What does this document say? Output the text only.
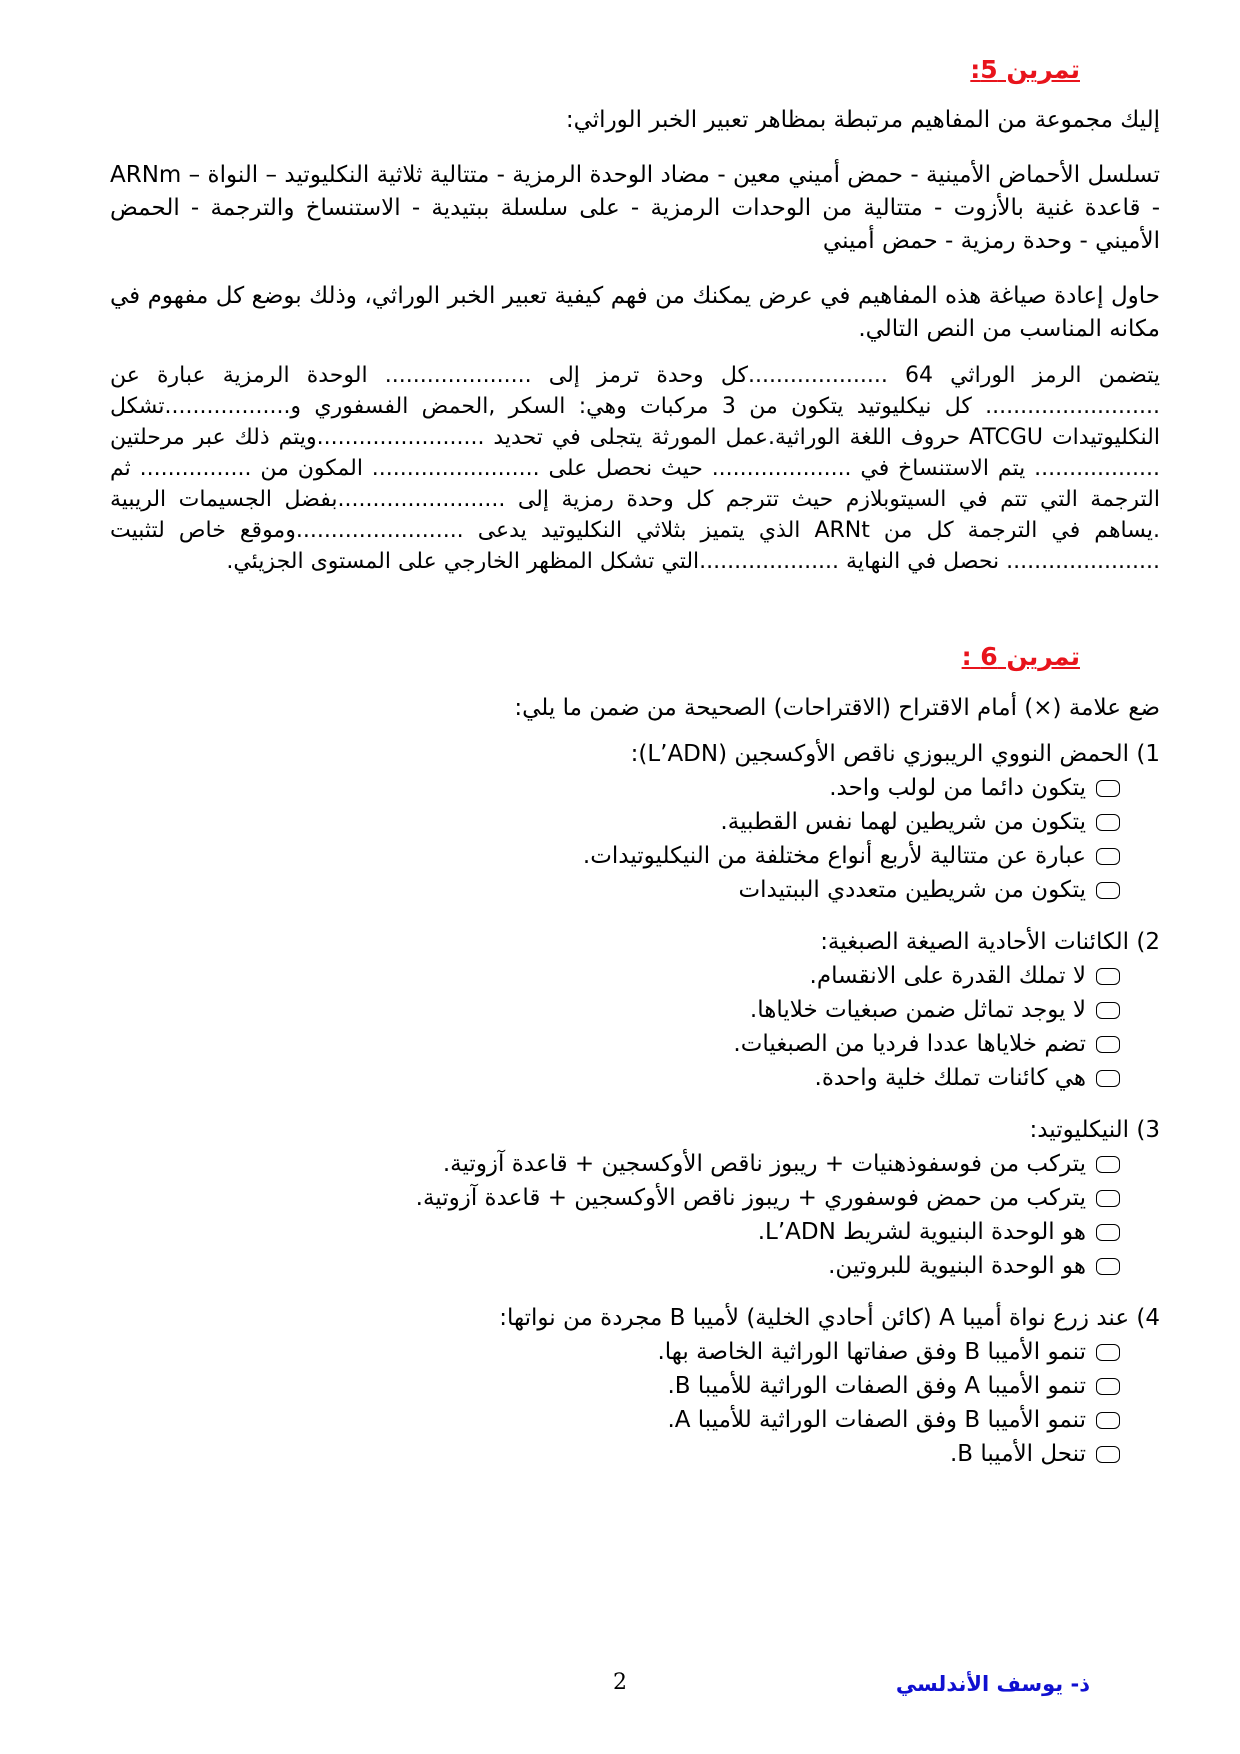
تمرين 5:

إليك مجموعة من المفاهيم مرتبطة بمظاهر تعبير الخبر الوراثي:

تسلسل الأحماض الأمينية - حمض أميني معين - مضاد الوحدة الرمزية - متتالية ثلاثية النكليوتيد – النواة – ARNm - قاعدة غنية بالأزوت - متتالية من الوحدات الرمزية - على سلسلة ببتيدية - الاستنساخ والترجمة - الحمض الأميني - وحدة رمزية - حمض أميني

حاول إعادة صياغة هذه المفاهيم في عرض يمكنك من فهم كيفية تعبير الخبر الوراثي، وذلك بوضع كل مفهوم في مكانه المناسب من النص التالي.

يتضمن الرمز الوراثي 64 ....................كل وحدة ترمز إلى ..................... الوحدة الرمزية عبارة عن ......................... كل نيكليوتيد يتكون من 3 مركبات وهي: السكر ,الحمض الفسفوري و..................تشكل النكليوتيدات ATCGU حروف اللغة الوراثية.عمل المورثة يتجلى في تحديد ........................ويتم ذلك عبر مرحلتين .................. يتم الاستنساخ في .................... حيث نحصل على ........................ المكون من ................ ثم الترجمة التي تتم في السيتوبلازم حيث تترجم كل وحدة رمزية إلى ........................بفضل الجسيمات الريبية .يساهم في الترجمة كل من ARNt الذي يتميز بثلاثي النكليوتيد يدعى ........................وموقع خاص لتثبيت ...................... نحصل في النهاية ....................التي تشكل المظهر الخارجي على المستوى الجزيئي.

تمرين 6 :

ضع علامة (×) أمام الاقتراح (الاقتراحات) الصحيحة من ضمن ما يلي:

1) الحمض النووي الريبوزي ناقص الأوكسجين (L’ADN):

يتكون دائما من لولب واحد.
يتكون من شريطين لهما نفس القطبية.
عبارة عن متتالية لأربع أنواع مختلفة من النيكليوتيدات.
يتكون من شريطين متعددي الببتيدات

2) الكائنات الأحادية الصيغة الصبغية:

لا تملك القدرة على الانقسام.
لا يوجد تماثل ضمن صبغيات خلاياها.
تضم خلاياها عددا فرديا من الصبغيات.
هي كائنات تملك خلية واحدة.

3) النيكليوتيد:

يتركب من فوسفوذهنيات + ريبوز ناقص الأوكسجين + قاعدة آزوتية.
يتركب من حمض فوسفوري + ريبوز ناقص الأوكسجين + قاعدة آزوتية.
هو الوحدة البنيوية لشريط L’ADN.
هو الوحدة البنيوية للبروتين.

4) عند زرع نواة أميبا A (كائن أحادي الخلية) لأميبا B مجردة من نواتها:

تنمو الأميبا B وفق صفاتها الوراثية الخاصة بها.
تنمو الأميبا A وفق الصفات الوراثية للأميبا B.
تنمو الأميبا B وفق الصفات الوراثية للأميبا A.
تنحل الأميبا B.
2	ذ- يوسف الأندلسي
